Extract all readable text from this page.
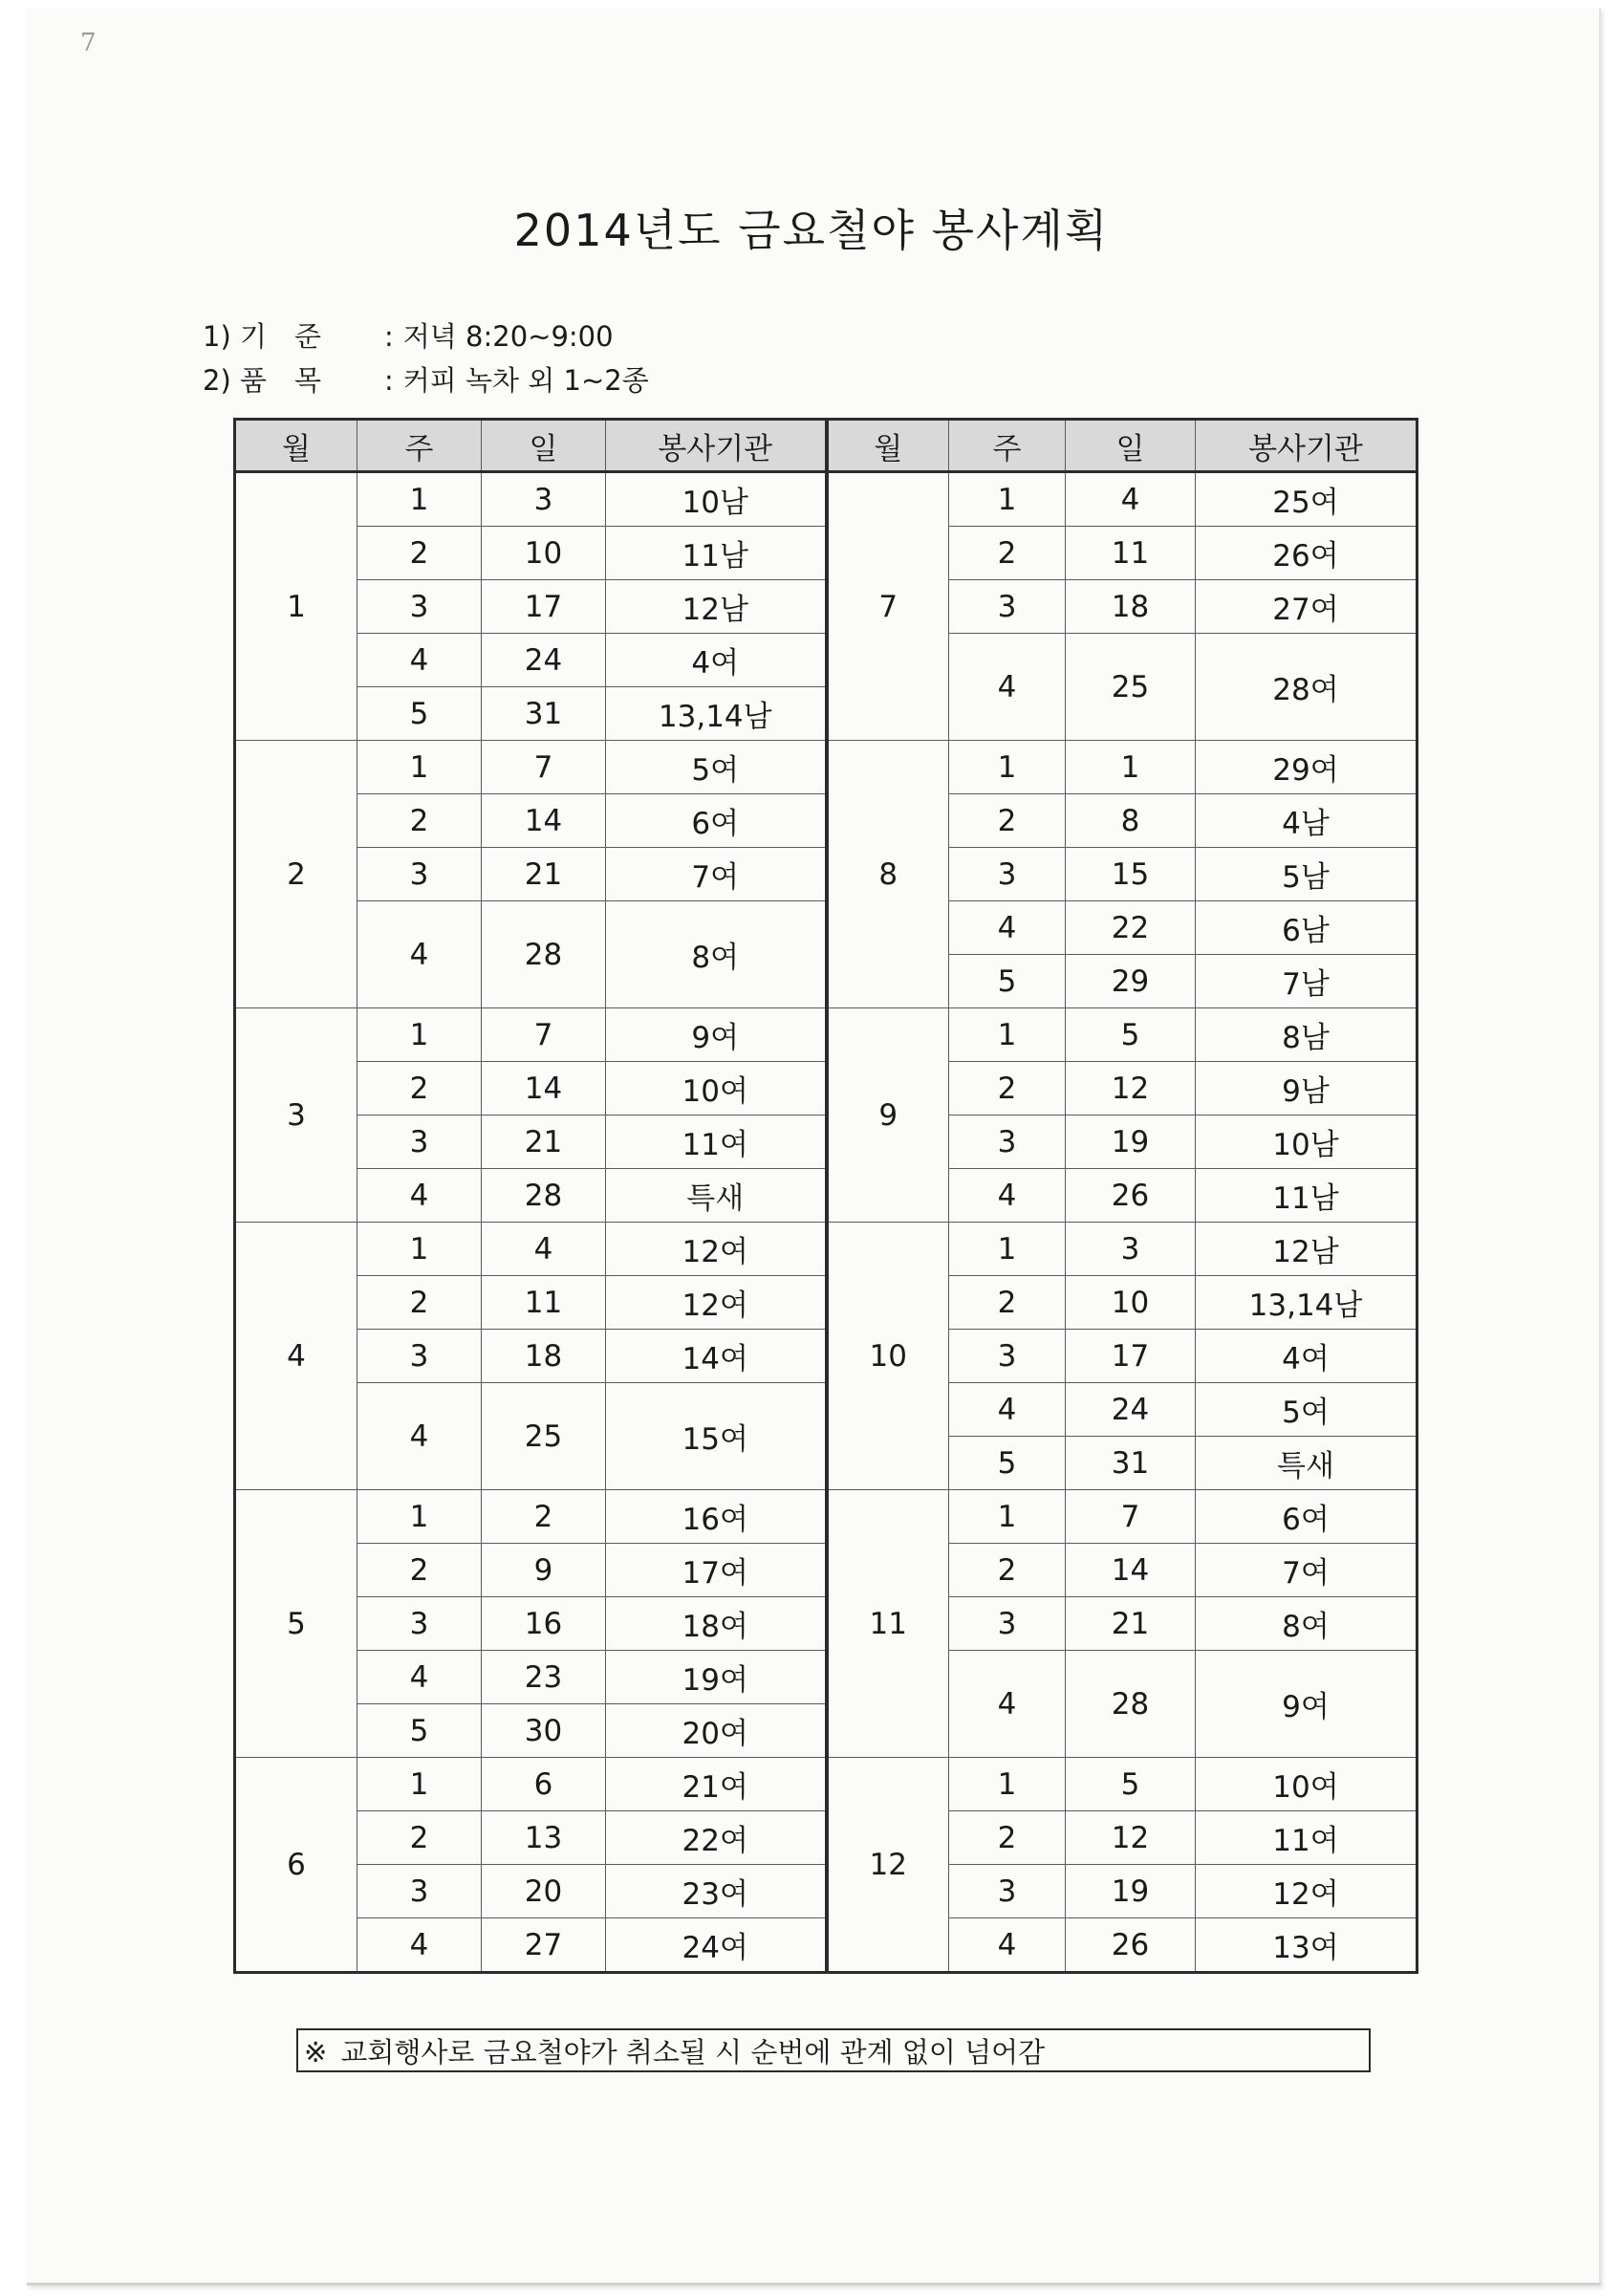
7
2014년도 금요철야 봉사계획
1) 기　준 : 저녁 8:20~9:00
2) 품　목 : 커피 녹차 외 1~2종
월	주	일	봉사기관	월	주	일	봉사기관
1	1	3	10남	7	1	4	25여
	2	10	11남		2	11	26여
	3	17	12남		3	18	27여
	4	24	4여		4	25	28여
	5	31	13,14남				
2	1	7	5여	8	1	1	29여
	2	14	6여		2	8	4남
	3	21	7여		3	15	5남
	4	28	8여		4	22	6남
					5	29	7남
3	1	7	9여	9	1	5	8남
	2	14	10여		2	12	9남
	3	21	11여		3	19	10남
	4	28	특새		4	26	11남
4	1	4	12여	10	1	3	12남
	2	11	12여		2	10	13,14남
	3	18	14여		3	17	4여
	4	25	15여		4	24	5여
					5	31	특새
5	1	2	16여	11	1	7	6여
	2	9	17여		2	14	7여
	3	16	18여		3	21	8여
	4	23	19여		4	28	9여
	5	30	20여				
6	1	6	21여	12	1	5	10여
	2	13	22여		2	12	11여
	3	20	23여		3	19	12여
	4	27	24여		4	26	13여
※ 교회행사로 금요철야가 취소될 시 순번에 관계 없이 넘어감
